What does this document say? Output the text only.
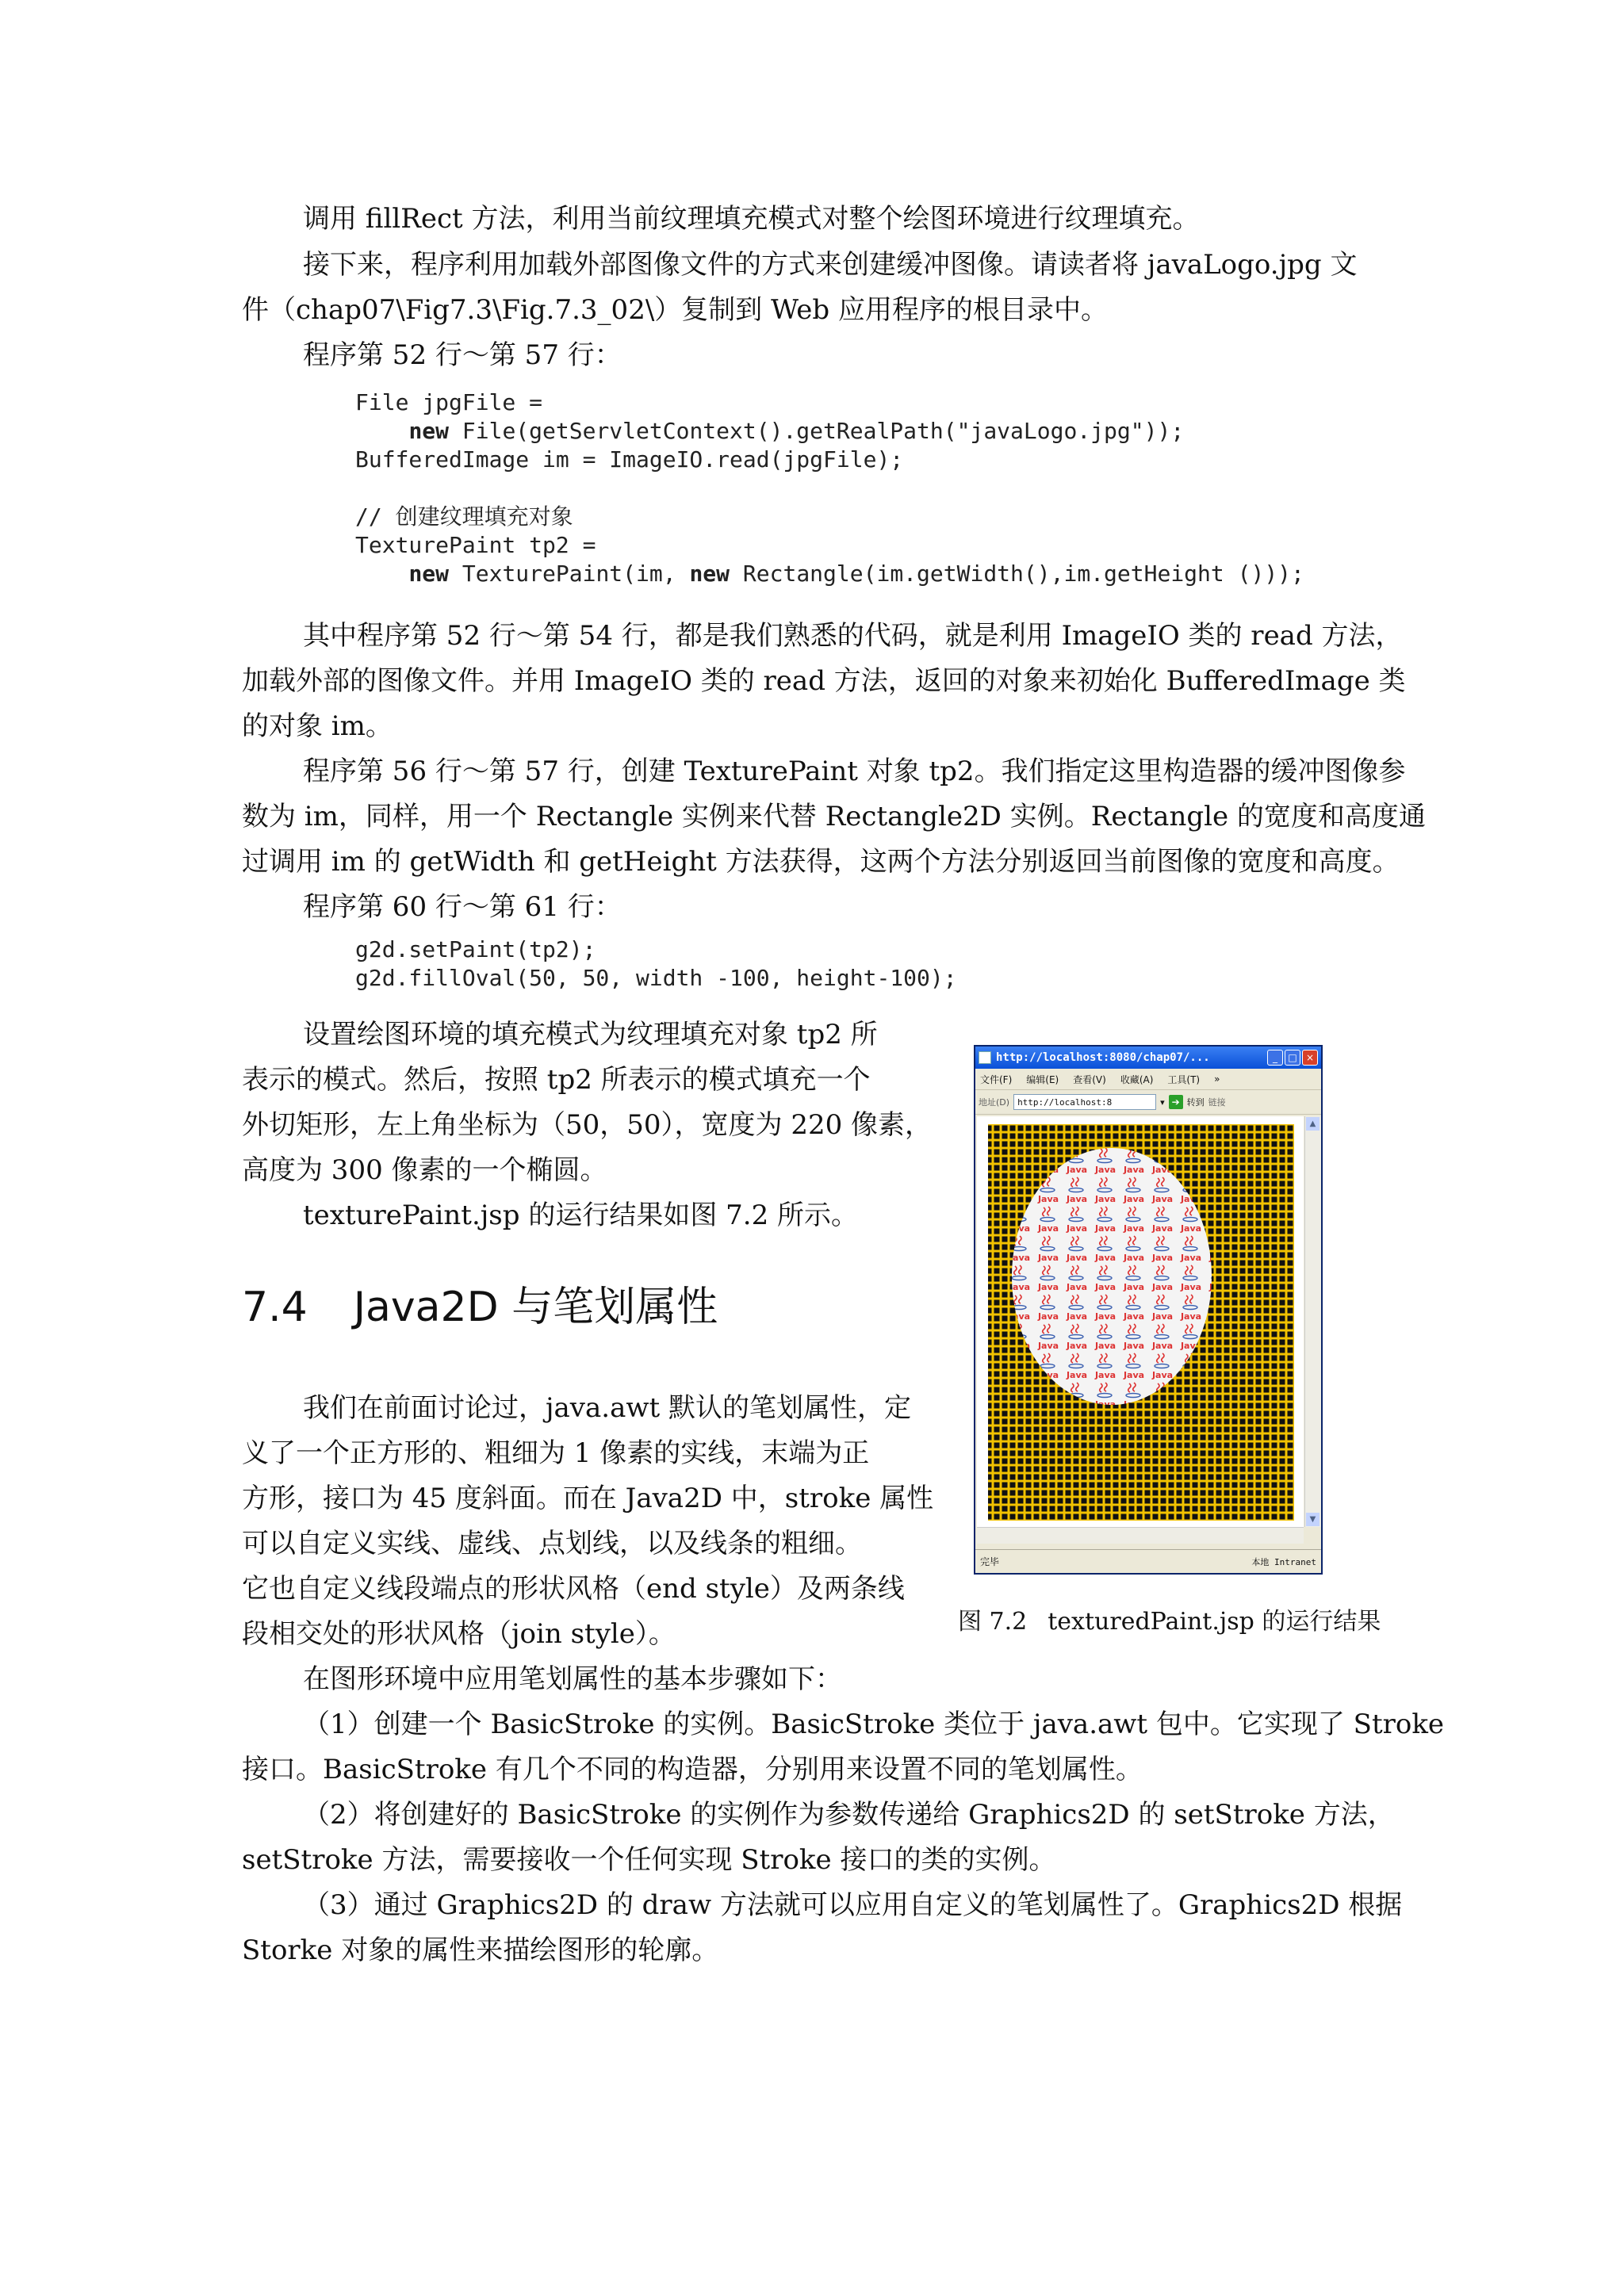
调用 fillRect 方法，利用当前纹理填充模式对整个绘图环境进行纹理填充。
接下来，程序利用加载外部图像文件的方式来创建缓冲图像。请读者将 javaLogo.jpg 文
件（chap07\Fig7.3\Fig.7.3_02\）复制到 Web 应用程序的根目录中。
程序第 52 行～第 57 行：
File jpgFile =
new File(getServletContext().getRealPath("javaLogo.jpg"));
BufferedImage im = ImageIO.read(jpgFile);

// 创建纹理填充对象
TexturePaint tp2 =
new TexturePaint(im, new Rectangle(im.getWidth(),im.getHeight ()));
其中程序第 52 行～第 54 行，都是我们熟悉的代码，就是利用 ImageIO 类的 read 方法，
加载外部的图像文件。并用 ImageIO 类的 read 方法，返回的对象来初始化 BufferedImage 类
的对象 im。
程序第 56 行～第 57 行，创建 TexturePaint 对象 tp2。我们指定这里构造器的缓冲图像参
数为 im，同样，用一个 Rectangle 实例来代替 Rectangle2D 实例。Rectangle 的宽度和高度通
过调用 im 的 getWidth 和 getHeight 方法获得，这两个方法分别返回当前图像的宽度和高度。
程序第 60 行～第 61 行：
g2d.setPaint(tp2);
g2d.fillOval(50, 50, width -100, height-100);
设置绘图环境的填充模式为纹理填充对象 tp2 所
表示的模式。然后，按照 tp2 所表示的模式填充一个
外切矩形，左上角坐标为（50，50），宽度为 220 像素，
高度为 300 像素的一个椭圆。
texturePaint.jsp 的运行结果如图 7.2 所示。
7.4 Java2D 与笔划属性
我们在前面讨论过，java.awt 默认的笔划属性，定
义了一个正方形的、粗细为 1 像素的实线，末端为正
方形，接口为 45 度斜面。而在 Java2D 中，stroke 属性
可以自定义实线、虚线、点划线，以及线条的粗细。
它也自定义线段端点的形状风格（end style）及两条线
段相交处的形状风格（join style）。
在图形环境中应用笔划属性的基本步骤如下：
（1）创建一个 BasicStroke 的实例。BasicStroke 类位于 java.awt 包中。它实现了 Stroke
接口。BasicStroke 有几个不同的构造器，分别用来设置不同的笔划属性。
（2）将创建好的 BasicStroke 的实例作为参数传递给 Graphics2D 的 setStroke 方法，
setStroke 方法，需要接收一个任何实现 Stroke 接口的类的实例。
（3）通过 Graphics2D 的 draw 方法就可以应用自定义的笔划属性了。Graphics2D 根据
Storke 对象的属性来描绘图形的轮廓。
http://localhost:8080/chap07/...	_	□ ×
文件(F) 编辑(E) 查看(V) 收藏(A) 工具(T) »
地址(D) http://localhost:8	▾ ➔ 转到 链接
▲
▼
完毕	本地 Intranet
图 7.2 texturedPaint.jsp 的运行结果
